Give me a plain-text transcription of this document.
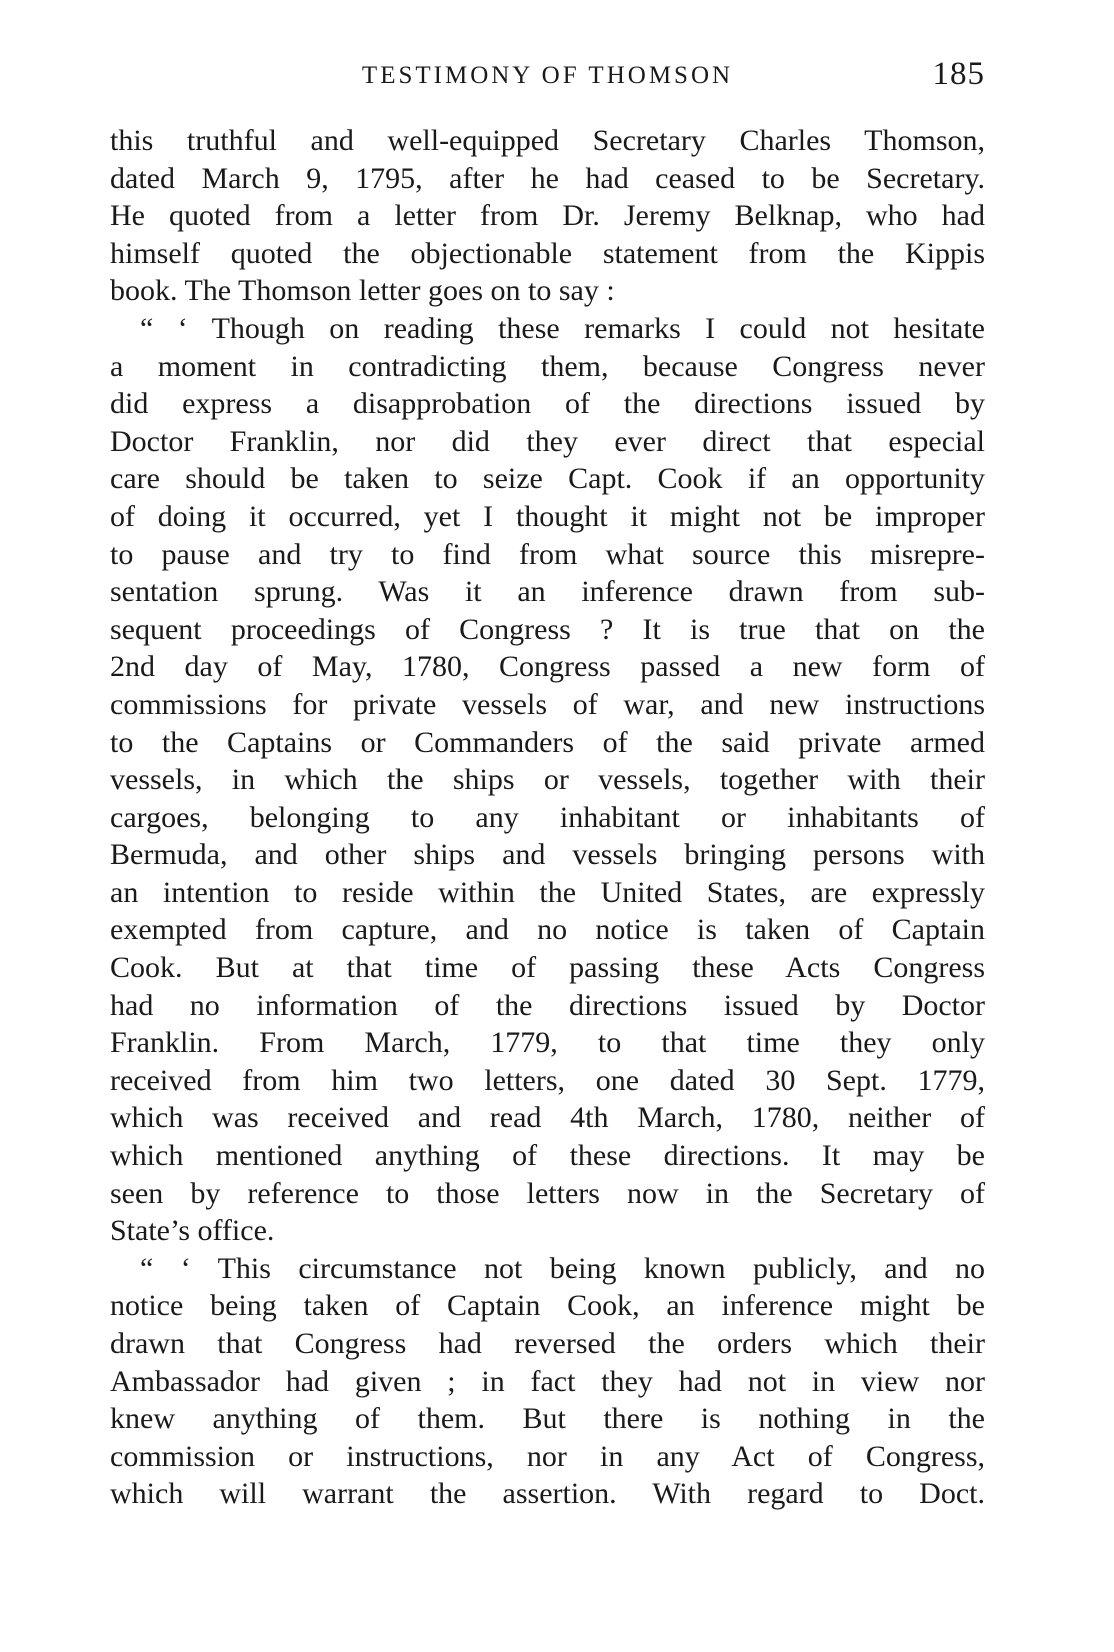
TESTIMONY OF THOMSON	185
this truthful and well-equipped Secretary Charles Thomson,
dated March 9, 1795, after he had ceased to be Secretary.
He quoted from a letter from Dr. Jeremy Belknap, who had
himself quoted the objectionable statement from the Kippis
book. The Thomson letter goes on to say :
“ ‘ Though on reading these remarks I could not hesitate
a moment in contradicting them, because Congress never
did express a disapprobation of the directions issued by
Doctor Franklin, nor did they ever direct that especial
care should be taken to seize Capt. Cook if an opportunity
of doing it occurred, yet I thought it might not be improper
to pause and try to find from what source this misrepre-
sentation sprung. Was it an inference drawn from sub-
sequent proceedings of Congress ? It is true that on the
2nd day of May, 1780, Congress passed a new form of
commissions for private vessels of war, and new instructions
to the Captains or Commanders of the said private armed
vessels, in which the ships or vessels, together with their
cargoes, belonging to any inhabitant or inhabitants of
Bermuda, and other ships and vessels bringing persons with
an intention to reside within the United States, are expressly
exempted from capture, and no notice is taken of Captain
Cook. But at that time of passing these Acts Congress
had no information of the directions issued by Doctor
Franklin. From March, 1779, to that time they only
received from him two letters, one dated 30 Sept. 1779,
which was received and read 4th March, 1780, neither of
which mentioned anything of these directions. It may be
seen by reference to those letters now in the Secretary of
State’s office.
“ ‘ This circumstance not being known publicly, and no
notice being taken of Captain Cook, an inference might be
drawn that Congress had reversed the orders which their
Ambassador had given ; in fact they had not in view nor
knew anything of them. But there is nothing in the
commission or instructions, nor in any Act of Congress,
which will warrant the assertion. With regard to Doct.
